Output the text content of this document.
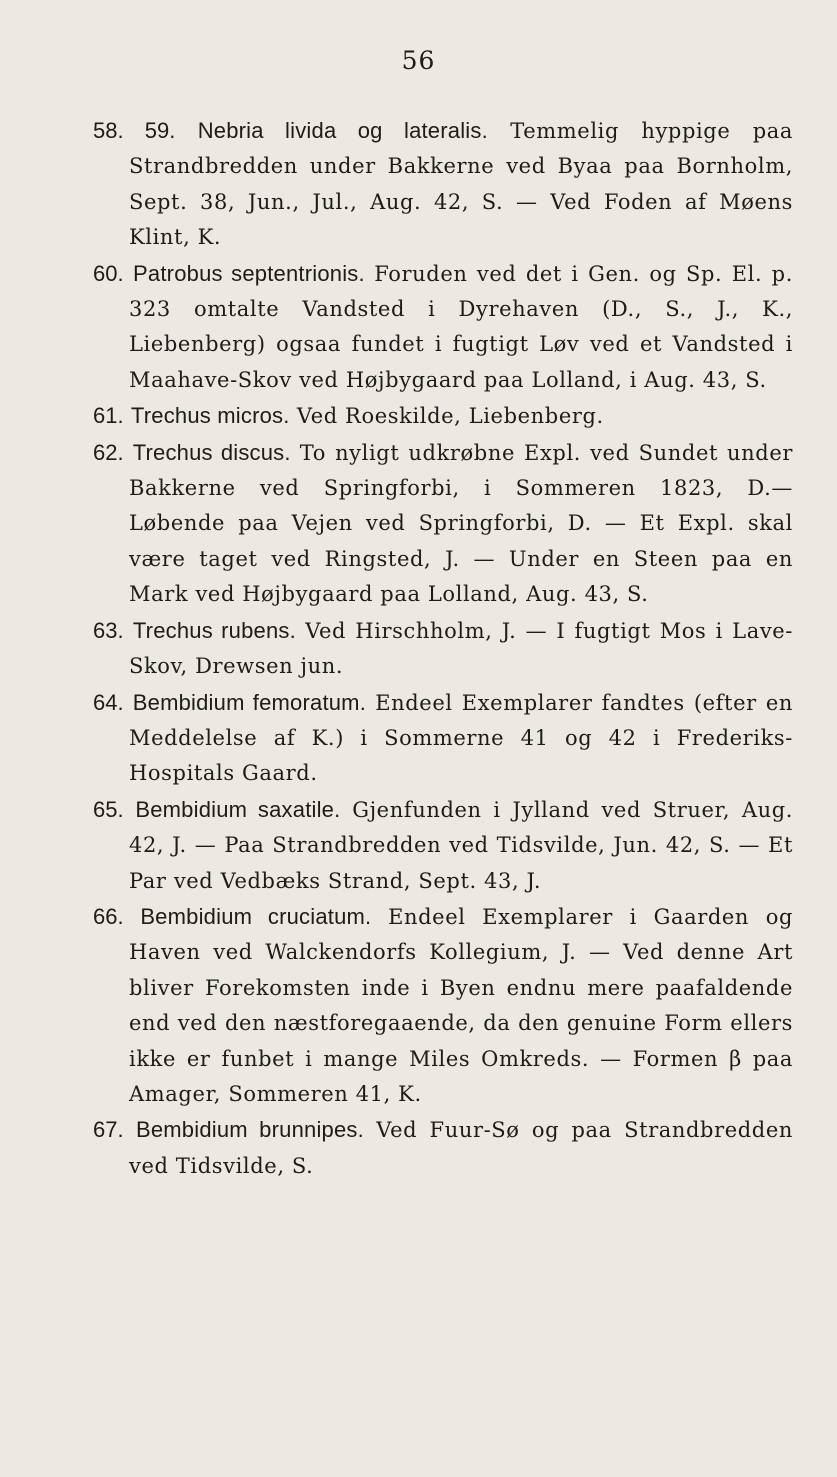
56

58. 59. Nebria livida og lateralis. Temmelig hyppige paa Strandbredden under Bakkerne ved Byaa paa Bornholm, Sept. 38, Jun., Jul., Aug. 42, S. — Ved Foden af Møens Klint, K.

60. Patrobus septentrionis. Foruden ved det i Gen. og Sp. El. p. 323 omtalte Vandsted i Dyrehaven (D., S., J., K., Liebenberg) ogsaa fundet i fugtigt Løv ved et Vandsted i Maahave-Skov ved Højbygaard paa Lolland, i Aug. 43, S.

61. Trechus micros. Ved Roeskilde, Liebenberg.

62. Trechus discus. To nyligt udkrøbne Expl. ved Sundet under Bakkerne ved Springforbi, i Sommeren 1823, D.— Løbende paa Vejen ved Springforbi, D. — Et Expl. skal være taget ved Ringsted, J. — Under en Steen paa en Mark ved Højbygaard paa Lolland, Aug. 43, S.

63. Trechus rubens. Ved Hirschholm, J. — I fugtigt Mos i Lave-Skov, Drewsen jun.

64. Bembidium femoratum. Endeel Exemplarer fandtes (efter en Meddelelse af K.) i Sommerne 41 og 42 i Frederiks-Hospitals Gaard.

65. Bembidium saxatile. Gjenfunden i Jylland ved Struer, Aug. 42, J. — Paa Strandbredden ved Tidsvilde, Jun. 42, S. — Et Par ved Vedbæks Strand, Sept. 43, J.

66. Bembidium cruciatum. Endeel Exemplarer i Gaarden og Haven ved Walckendorfs Kollegium, J. — Ved denne Art bliver Forekomsten inde i Byen endnu mere paafaldende end ved den næstforegaaende, da den genuine Form ellers ikke er funbet i mange Miles Omkreds. — Formen β paa Amager, Sommeren 41, K.

67. Bembidium brunnipes. Ved Fuur-Sø og paa Strandbredden ved Tidsvilde, S.
